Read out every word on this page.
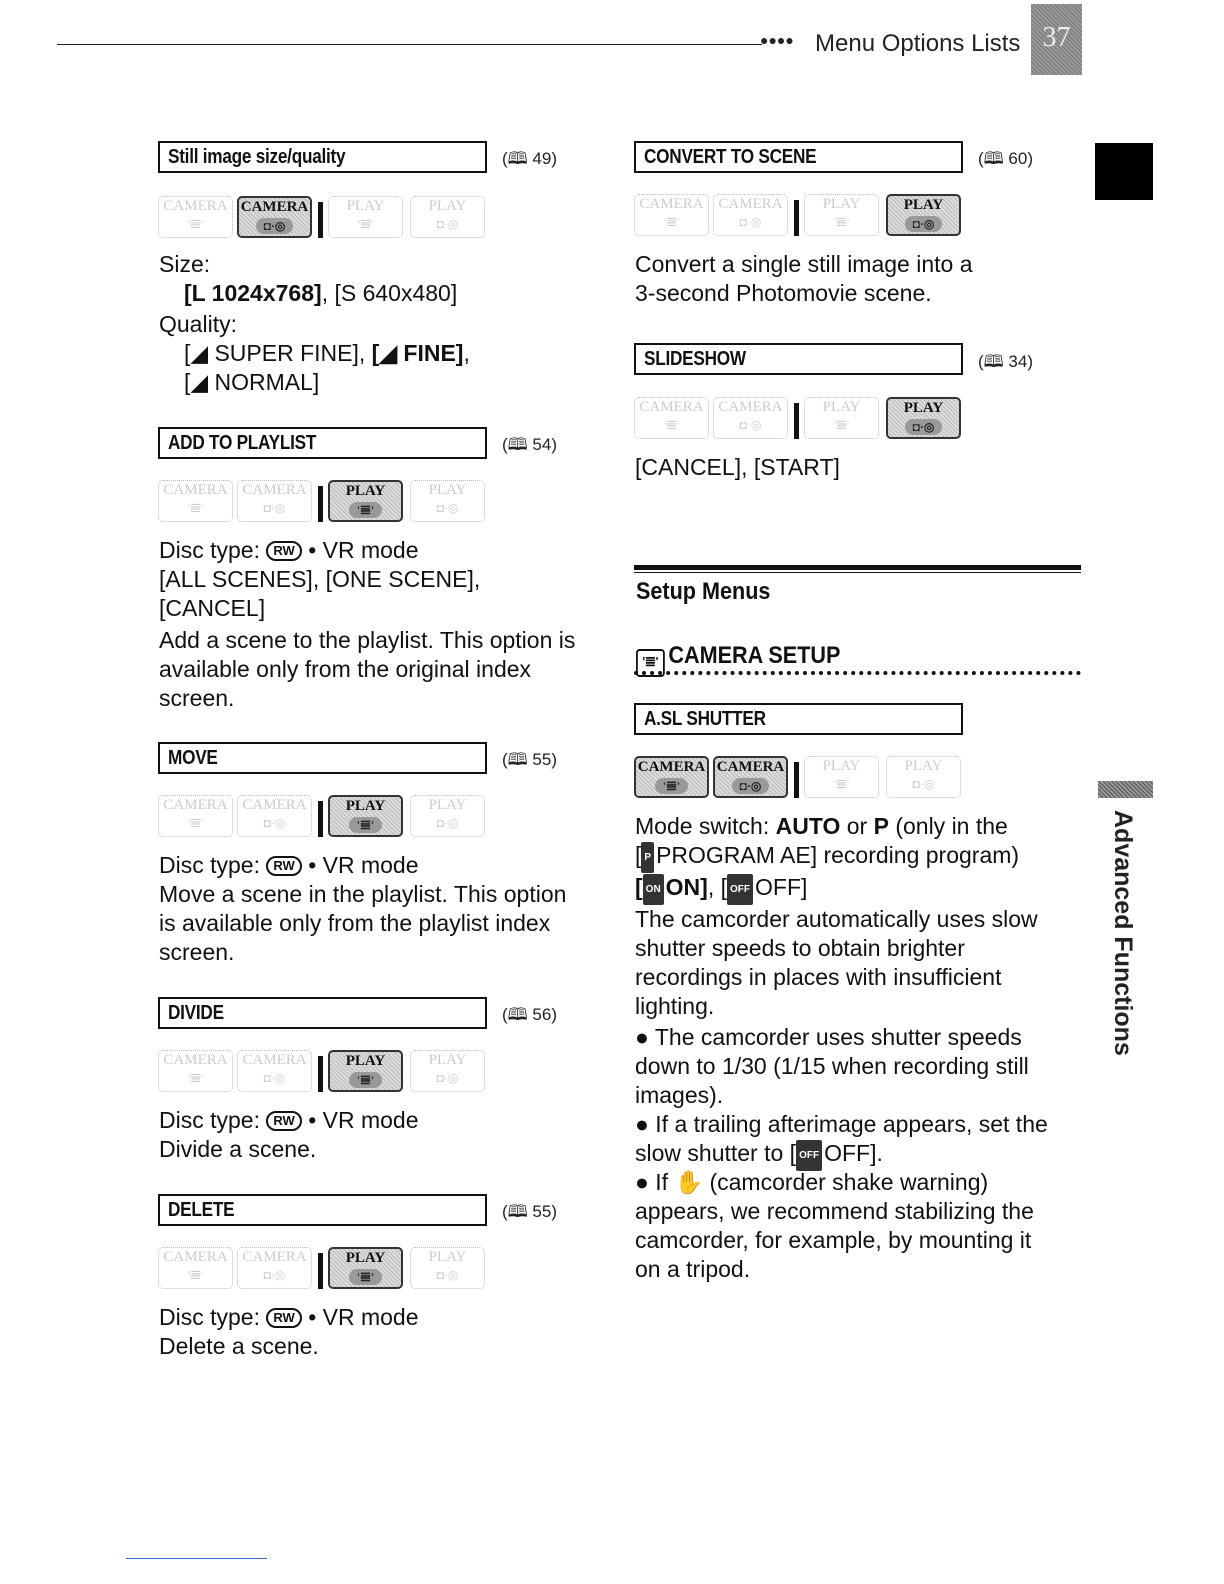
●●●● Menu Options Lists 37
Advanced Functions
Still image size/quality	(🕮 49)
CAMERA
'𝌆'
CAMERA
◘·◎
PLAY
'𝌆'
PLAY
◘·◎
Size:
[L 1024x768], [S 640x480]
Quality:
[◢ SUPER FINE], [◢ FINE],
[◢ NORMAL]
ADD TO PLAYLIST	(🕮 54)
CAMERA
'𝌆'
CAMERA
◘·◎
PLAY
'𝌆'
PLAY
◘·◎
Disc type: RW • VR mode
[ALL SCENES], [ONE SCENE],
[CANCEL]
Add a scene to the playlist. This option is
available only from the original index
screen.
MOVE	(🕮 55)
CAMERA
'𝌆'
CAMERA
◘·◎
PLAY
'𝌆'
PLAY
◘·◎
Disc type: RW • VR mode
Move a scene in the playlist. This option
is available only from the playlist index
screen.
DIVIDE	(🕮 56)
CAMERA
'𝌆'
CAMERA
◘·◎
PLAY
'𝌆'
PLAY
◘·◎
Disc type: RW • VR mode
Divide a scene.
DELETE	(🕮 55)
CAMERA
'𝌆'
CAMERA
◘·◎
PLAY
'𝌆'
PLAY
◘·◎
Disc type: RW • VR mode
Delete a scene.
CONVERT TO SCENE	(🕮 60)
CAMERA
'𝌆'
CAMERA
◘·◎
PLAY
'𝌆'
PLAY
◘·◎
Convert a single still image into a
3-second Photomovie scene.
SLIDESHOW	(🕮 34)
CAMERA
'𝌆'
CAMERA
◘·◎
PLAY
'𝌆'
PLAY
◘·◎
[CANCEL], [START]
Setup Menus
'𝌆' CAMERA SETUP
A.SL SHUTTER
CAMERA
'𝌆'
CAMERA
◘·◎
PLAY
'𝌆'
PLAY
◘·◎
Mode switch: AUTO or P (only in the
[ P PROGRAM AE] recording program)
[ ON ON], [ OFF OFF]
The camcorder automatically uses slow
shutter speeds to obtain brighter
recordings in places with insufficient
lighting.
● The camcorder uses shutter speeds
down to 1/30 (1/15 when recording still
images).
● If a trailing afterimage appears, set the
slow shutter to [ OFF OFF].
● If ✋ (camcorder shake warning)
appears, we recommend stabilizing the
camcorder, for example, by mounting it
on a tripod.
